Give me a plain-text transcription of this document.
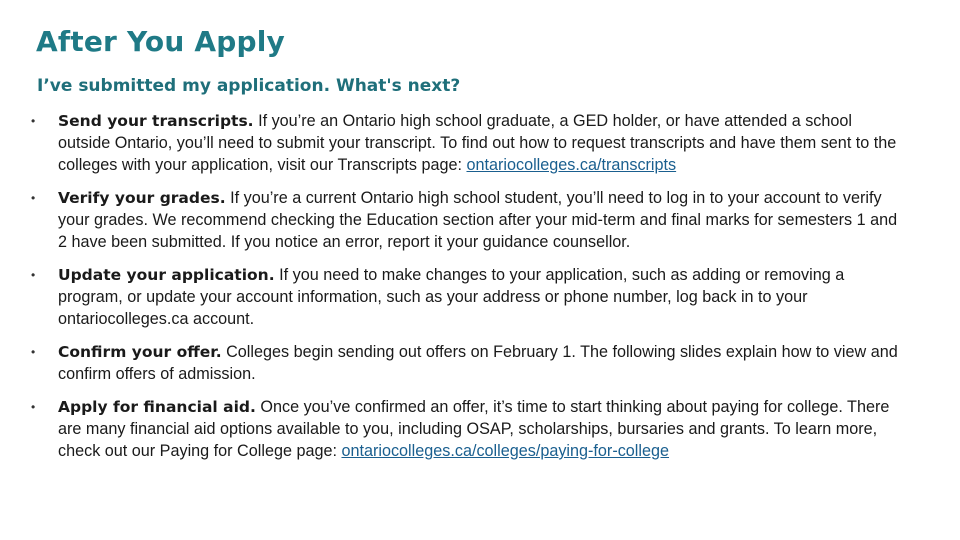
After You Apply
I’ve submitted my application. What's next?
• Send your transcripts. If you’re an Ontario high school graduate, a GED holder, or have attended a school outside Ontario, you’ll need to submit your transcript. To find out how to request transcripts and have them sent to the colleges with your application, visit our Transcripts page: ontariocolleges.ca/transcripts
• Verify your grades. If you’re a current Ontario high school student, you’ll need to log in to your account to verify your grades. We recommend checking the Education section after your mid-term and final marks for semesters 1 and 2 have been submitted. If you notice an error, report it your guidance counsellor.
• Update your application. If you need to make changes to your application, such as adding or removing a program, or update your account information, such as your address or phone number, log back in to your ontariocolleges.ca account.
• Confirm your offer. Colleges begin sending out offers on February 1. The following slides explain how to view and confirm offers of admission.
• Apply for financial aid. Once you’ve confirmed an offer, it’s time to start thinking about paying for college. There are many financial aid options available to you, including OSAP, scholarships, bursaries and grants. To learn more, check out our Paying for College page: ontariocolleges.ca/colleges/paying-for-college
